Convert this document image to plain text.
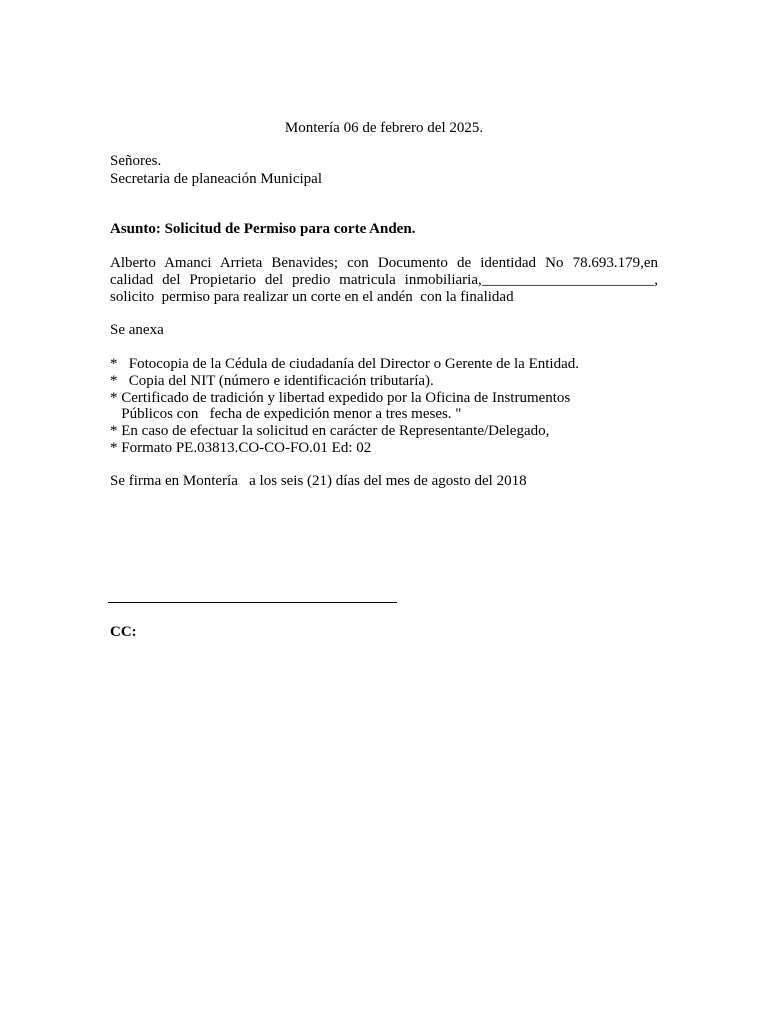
Montería 06 de febrero del 2025.
Señores.
Secretaria de planeación Municipal
Asunto: Solicitud de Permiso para corte Anden.
Alberto Amanci Arrieta Benavides; con Documento de identidad No 78.693.179,en
calidad del Propietario del predio matricula inmobiliaria,_______________________,
solicito  permiso para realizar un corte en el andén  con la finalidad
Se anexa
*   Fotocopia de la Cédula de ciudadanía del Director o Gerente de la Entidad.
*   Copia del NIT (número e identificación tributaría).
* Certificado de tradición y libertad expedido por la Oficina de Instrumentos
Públicos con   fecha de expedición menor a tres meses. "
* En caso de efectuar la solicitud en carácter de Representante/Delegado,
* Formato PE.03813.CO-CO-FO.01 Ed: 02
Se firma en Montería   a los seis (21) días del mes de agosto del 2018
CC:
